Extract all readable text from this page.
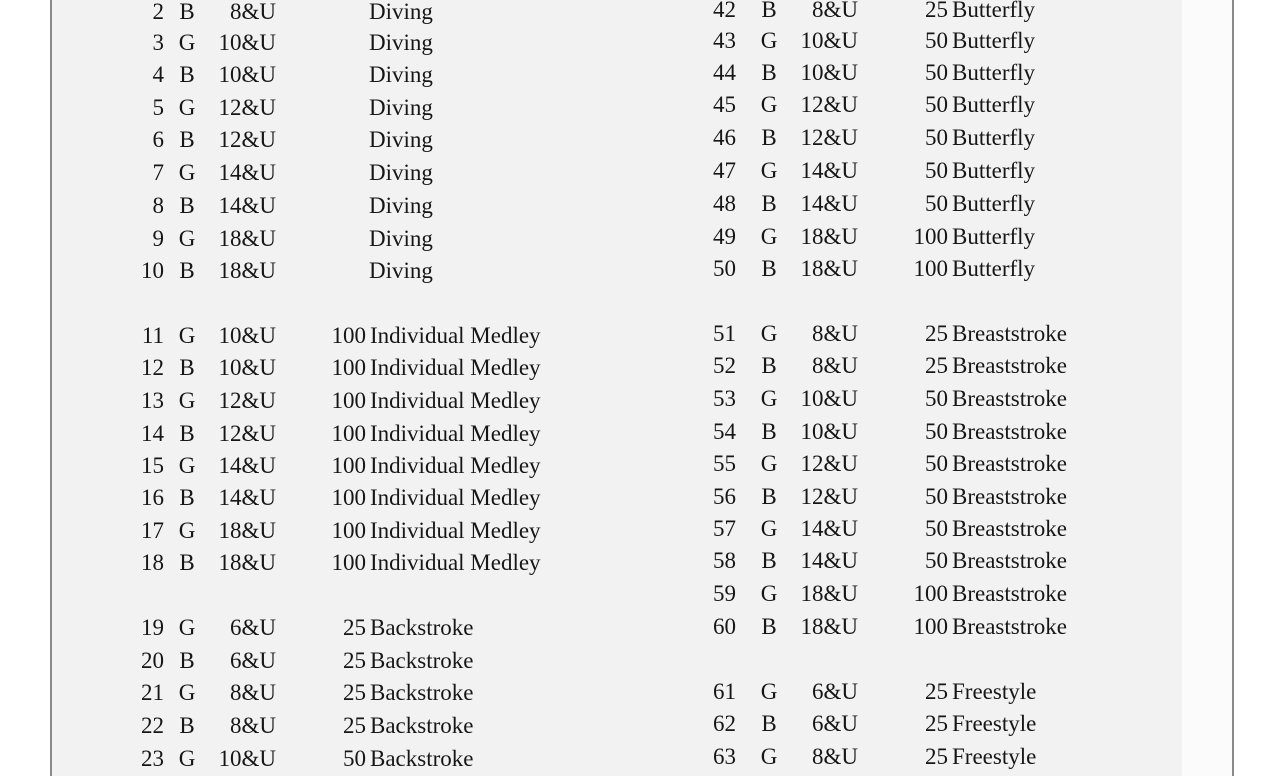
2 B	8&U	Diving
3 G 10&U	Diving
4 B 10&U	Diving
5 G 12&U	Diving
6 B 12&U	Diving
7 G 14&U	Diving
8 B 14&U	Diving
9 G 18&U	Diving
10 B 18&U	Diving
11 G 10&U	100 Individual Medley
12 B 10&U	100 Individual Medley
13 G 12&U	100 Individual Medley
14 B 12&U	100 Individual Medley
15 G 14&U	100 Individual Medley
16 B 14&U	100 Individual Medley
17 G 18&U	100 Individual Medley
18 B 18&U	100 Individual Medley
19 G	6&U	25 Backstroke
20 B	6&U	25 Backstroke
21 G	8&U	25 Backstroke
22 B	8&U	25 Backstroke
23 G 10&U	50 Backstroke
42 B	8&U	25 Butterfly
43 G 10&U	50 Butterfly
44 B 10&U	50 Butterfly
45 G 12&U	50 Butterfly
46 B 12&U	50 Butterfly
47 G 14&U	50 Butterfly
48 B 14&U	50 Butterfly
49 G 18&U	100 Butterfly
50 B 18&U	100 Butterfly
51 G	8&U	25 Breaststroke
52 B	8&U	25 Breaststroke
53 G 10&U	50 Breaststroke
54 B 10&U	50 Breaststroke
55 G 12&U	50 Breaststroke
56 B 12&U	50 Breaststroke
57 G 14&U	50 Breaststroke
58 B 14&U	50 Breaststroke
59 G 18&U	100 Breaststroke
60 B 18&U	100 Breaststroke
61 G	6&U	25 Freestyle
62 B	6&U	25 Freestyle
63 G	8&U	25 Freestyle
